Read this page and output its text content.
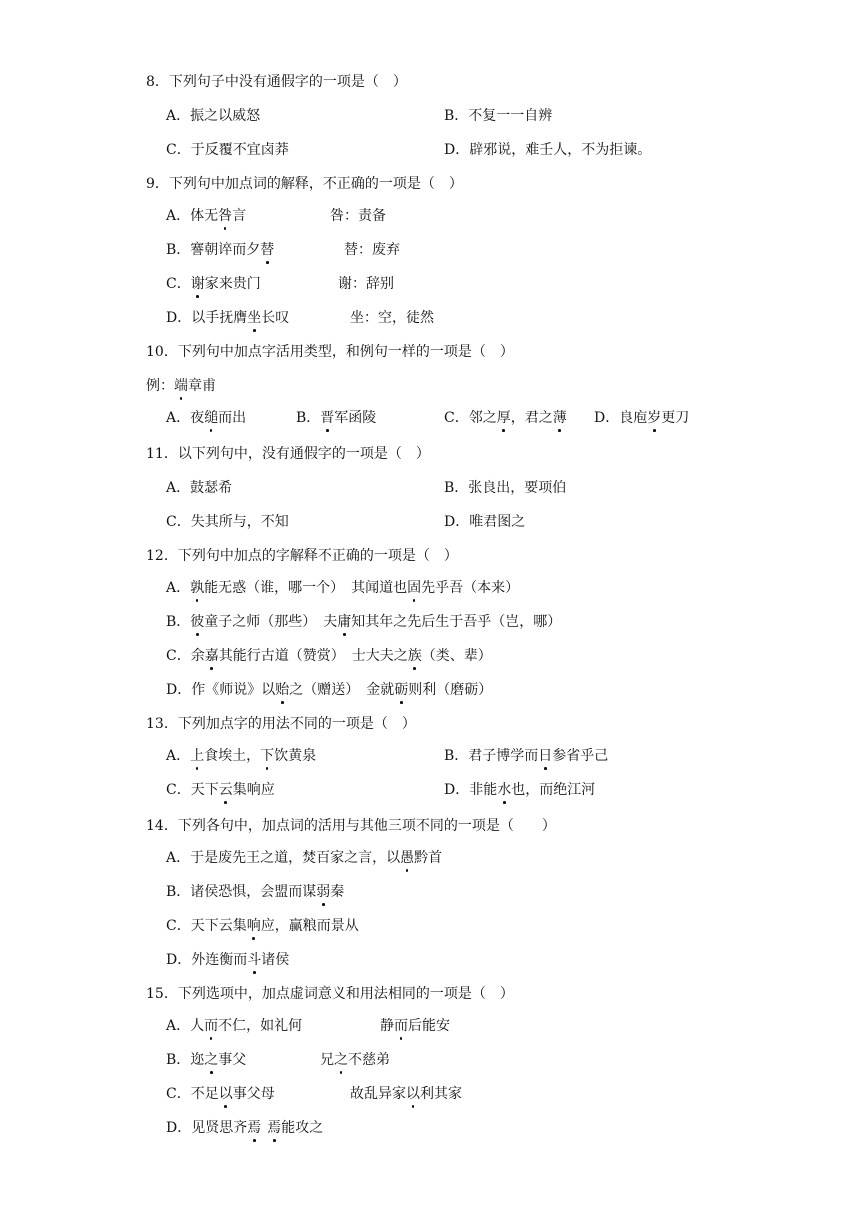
8．下列句子中没有通假字的一项是（　）
A．振之以威怒	B．不复一一自辨
C．于反覆不宜卤莽	D．辟邪说，难壬人，不为拒谏。
9．下列句中加点词的解释，不正确的一项是（　）
A．体无咎言	咎：责备
B．謇朝谇而夕替	替：废弃
C．谢家来贵门	谢：辞别
D．以手抚膺坐长叹	坐：空，徒然
10．下列句中加点字活用类型，和例句一样的一项是（　）
例：端章甫
A．夜缒而出	B．晋军函陵	C．邻之厚，君之薄 D．良庖岁更刀
11．以下列句中，没有通假字的一项是（　）
A．鼓瑟希	B．张良出，要项伯
C．失其所与，不知	D．唯君图之
12．下列句中加点的字解释不正确的一项是（　）
A．孰能无惑（谁，哪一个）　其闻道也固先乎吾（本来）
B．彼童子之师（那些）　夫庸知其年之先后生于吾乎（岂，哪）
C．余嘉其能行古道（赞赏）　士大夫之族（类、辈）
D．作《师说》以贻之（赠送）　金就砺则利（磨砺）
13．下列加点字的用法不同的一项是（　）
A．上食埃土，下饮黄泉	B．君子博学而日参省乎己
C．天下云集响应	D．非能水也，而绝江河
14．下列各句中，加点词的活用与其他三项不同的一项是（　　）
A．于是废先王之道，焚百家之言，以愚黔首
B．诸侯恐惧，会盟而谋弱秦
C．天下云集响应，赢粮而景从
D．外连衡而斗诸侯
15．下列选项中，加点虚词意义和用法相同的一项是（　）
A．人而不仁，如礼何	静而后能安
B．迩之事父	兄之不慈弟
C．不足以事父母	故乱异家以利其家
D．见贤思齐焉 焉能攻之
